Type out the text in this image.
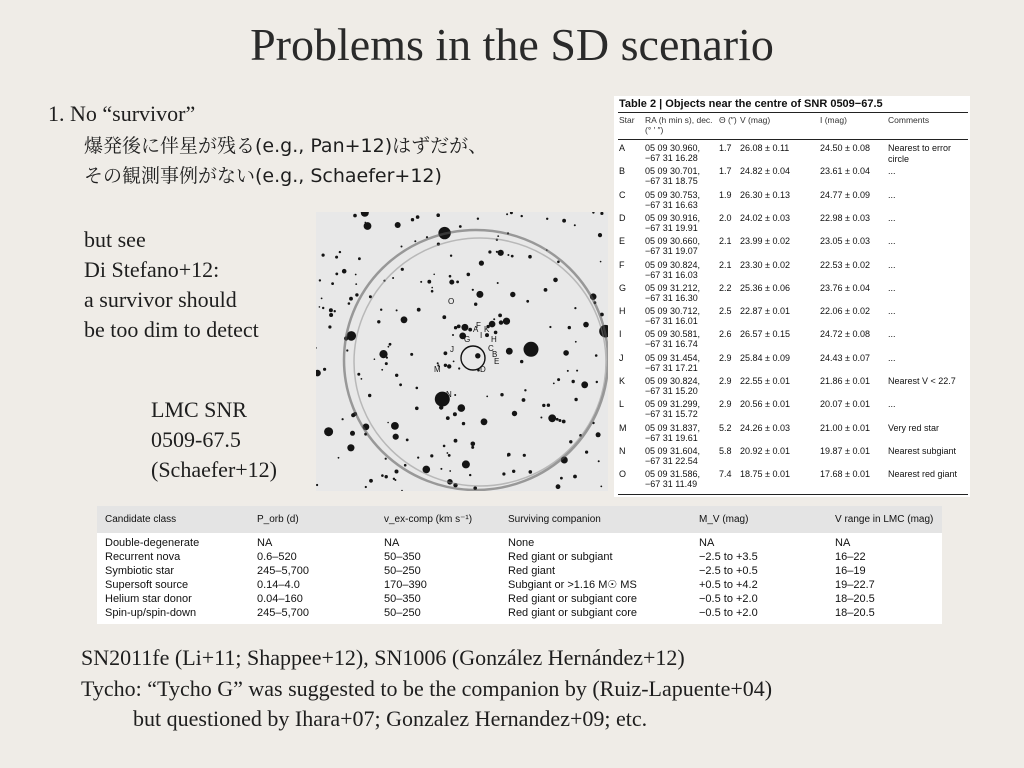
Problems in the SD scenario
1. No “survivor”
爆発後に伴星が残る(e.g., Pan+12)はずだが、
その観測事例がない(e.g., Schaefer+12)
but see
Di Stefano+12:
a survivor should
be too dim to detect
LMC SNR
0509-67.5
(Schaefer+12)
G
J
A K
H
C
B
E
D
M
N
O
I
F
Table 2 | Objects near the centre of SNR 0509−67.5
Star RA (h min s), dec. (° ′ ″)
Θ (″) V (mag)	I (mag)	Comments
A 05 09 30.960,
−67 31 16.28
1.7 26.08 ± 0.11	24.50 ± 0.08 Nearest to error circle
B 05 09 30.701,
−67 31 18.75
1.7 24.82 ± 0.04	23.61 ± 0.04 ...
C 05 09 30.753,
−67 31 16.63
1.9 26.30 ± 0.13	24.77 ± 0.09 ...
D 05 09 30.916,
−67 31 19.91
2.0 24.02 ± 0.03	22.98 ± 0.03 ...
E 05 09 30.660,
−67 31 19.07
2.1 23.99 ± 0.02	23.05 ± 0.03 ...
F 05 09 30.824,
−67 31 16.03
2.1 23.30 ± 0.02	22.53 ± 0.02 ...
G 05 09 31.212,
−67 31 16.30
2.2 25.36 ± 0.06	23.76 ± 0.04 ...
H 05 09 30.712,
−67 31 16.01
2.5 22.87 ± 0.01	22.06 ± 0.02 ...
I	05 09 30.581,
−67 31 16.74
2.6 26.57 ± 0.15	24.72 ± 0.08 ...
J 05 09 31.454,
−67 31 17.21
2.9 25.84 ± 0.09	24.43 ± 0.07 ...
K 05 09 30.824,
−67 31 15.20
2.9 22.55 ± 0.01	21.86 ± 0.01 Nearest V < 22.7
L 05 09 31.299,
−67 31 15.72
2.9 20.56 ± 0.01	20.07 ± 0.01 ...
M 05 09 31.837,
−67 31 19.61
5.2 24.26 ± 0.03	21.00 ± 0.01 Very red star
N 05 09 31.604,
−67 31 22.54
5.8 20.92 ± 0.01	19.87 ± 0.01 Nearest subgiant
O 05 09 31.586,
−67 31 11.49
7.4 18.75 ± 0.01	17.68 ± 0.01 Nearest red giant
Candidate class	P_orb (d)	v_ex-comp (km s⁻¹)	Surviving companion	M_V (mag)	V range in LMC (mag)
Double-degenerate	NA	NA	None	NA	NA
Recurrent nova	0.6–520	50–350	Red giant or subgiant	−2.5 to +3.5	16–22
Symbiotic star	245–5,700	50–250	Red giant	−2.5 to +0.5	16–19
Supersoft source	0.14–4.0	170–390	Subgiant or >1.16 M☉ MS	+0.5 to +4.2	19–22.7
Helium star donor	0.04–160	50–350	Red giant or subgiant core	−0.5 to +2.0	18–20.5
Spin-up/spin-down	245–5,700	50–250	Red giant or subgiant core	−0.5 to +2.0	18–20.5
SN2011fe (Li+11; Shappee+12), SN1006 (González Hernández+12)
Tycho: “Tycho G” was suggested to be the companion by (Ruiz-Lapuente+04)
but questioned by Ihara+07; Gonzalez Hernandez+09; etc.
